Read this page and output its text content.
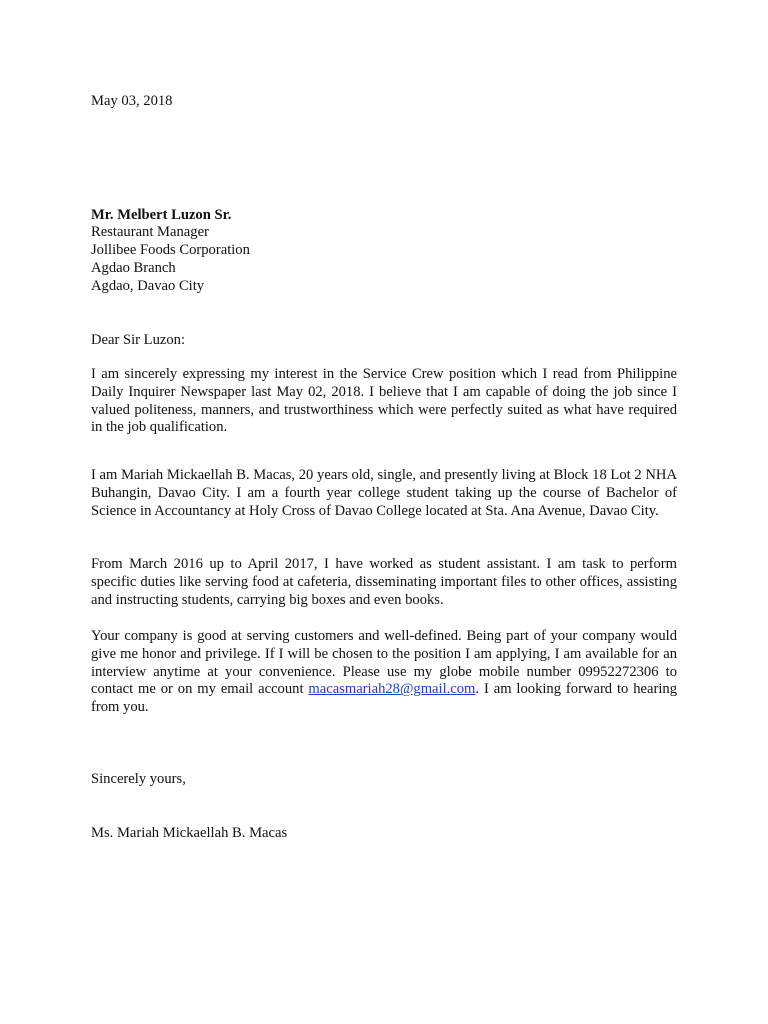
May 03, 2018
Mr. Melbert Luzon Sr.
Restaurant Manager
Jollibee Foods Corporation
Agdao Branch
Agdao, Davao City
Dear Sir Luzon:
I am sincerely expressing my interest in the Service Crew position which I read from Philippine Daily Inquirer Newspaper last May 02, 2018. I believe that I am capable of doing the job since I valued politeness, manners, and trustworthiness which were perfectly suited as what have required in the job qualification.
I am Mariah Mickaellah B. Macas, 20 years old, single, and presently living at Block 18 Lot 2 NHA Buhangin, Davao City. I am a fourth year college student taking up the course of Bachelor of Science in Accountancy at Holy Cross of Davao College located at Sta. Ana Avenue, Davao City.
From March 2016 up to April 2017, I have worked as student assistant. I am task to perform specific duties like serving food at cafeteria, disseminating important files to other offices, assisting and instructing students, carrying big boxes and even books.
Your company is good at serving customers and well-defined. Being part of your company would give me honor and privilege. If I will be chosen to the position I am applying, I am available for an interview anytime at your convenience. Please use my globe mobile number 09952272306 to contact me or on my email account macasmariah28@gmail.com. I am looking forward to hearing from you.
Sincerely yours,
Ms. Mariah Mickaellah B. Macas
